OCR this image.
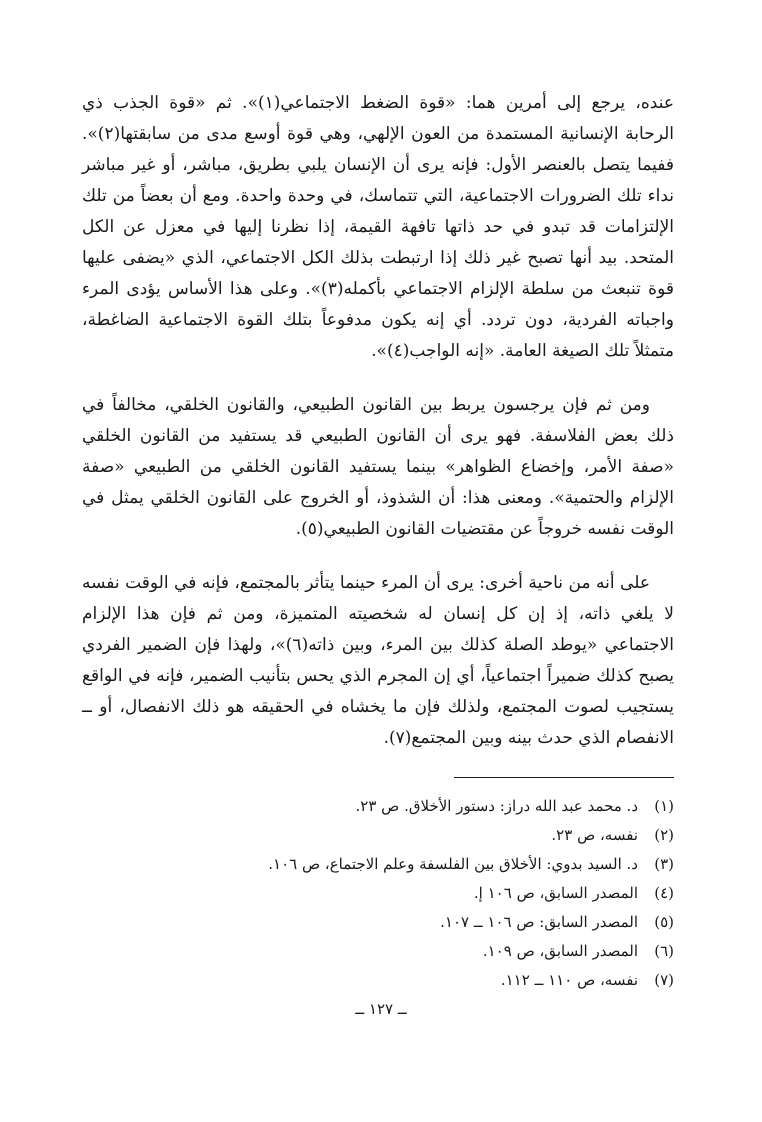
عنده، يرجع إلى أمرين هما: «قوة الضغط الاجتماعي(١)». ثم «قوة الجذب ذي الرحابة الإنسانية المستمدة من العون الإلهي، وهي قوة أوسع مدى من سابقتها(٢)». ففيما يتصل بالعنصر الأول: فإنه يرى أن الإنسان يلبي بطريق، مباشر، أو غير مباشر نداء تلك الضرورات الاجتماعية، التي تتماسك، في وحدة واحدة. ومع أن بعضاً من تلك الإلتزامات قد تبدو في حد ذاتها تافهة القيمة، إذا نظرنا إليها في معزل عن الكل المتحد. بيد أنها تصبح غير ذلك إذا ارتبطت بذلك الكل الاجتماعي، الذي «يضفى عليها قوة تنبعث من سلطة الإلزام الاجتماعي بأكمله(٣)». وعلى هذا الأساس يؤدى المرء واجباته الفردية، دون تردد. أي إنه يكون مدفوعاً بتلك القوة الاجتماعية الضاغطة، متمثلاً تلك الصيغة العامة. «إنه الواجب(٤)».

ومن ثم فإن يرجسون يربط بين القانون الطبيعي، والقانون الخلقي، مخالفاً في ذلك بعض الفلاسفة. فهو يرى أن القانون الطبيعي قد يستفيد من القانون الخلقي «صفة الأمر، وإخضاع الظواهر» بينما يستفيد القانون الخلقي من الطبيعي «صفة الإلزام والحتمية». ومعنى هذا: أن الشذوذ، أو الخروج على القانون الخلقي يمثل في الوقت نفسه خروجاً عن مقتضيات القانون الطبيعي(٥).

على أنه من ناحية أخرى: يرى أن المرء حينما يتأثر بالمجتمع، فإنه في الوقت نفسه لا يلغي ذاته، إذ إن كل إنسان له شخصيته المتميزة، ومن ثم فإن هذا الإلزام الاجتماعي «يوطد الصلة كذلك بين المرء، وبين ذاته(٦)»، ولهذا فإن الضمير الفردي يصبح كذلك ضميراً اجتماعياً، أي إن المجرم الذي يحس بتأنيب الضمير، فإنه في الواقع يستجيب لصوت المجتمع، ولذلك فإن ما يخشاه في الحقيقه هو ذلك الانفصال، أو ــ الانفصام الذي حدث بينه وبين المجتمع(٧).

(١)
د. محمد عبد الله دراز: دستور الأخلاق. ص ٢٣.
(٢)
نفسه، ص ٢٣.
(٣)
د. السيد بدوي: الأخلاق بين الفلسفة وعلم الاجتماع، ص ١٠٦.
(٤)
المصدر السابق، ص ١٠٦ إ.
(٥)
المصدر السابق: ص ١٠٦ ــ ١٠٧.
(٦)
المصدر السابق، ص ١٠٩.
(٧)
نفسه، ص ١١٠ ــ ١١٢.
ــ ١٢٧ ــ
